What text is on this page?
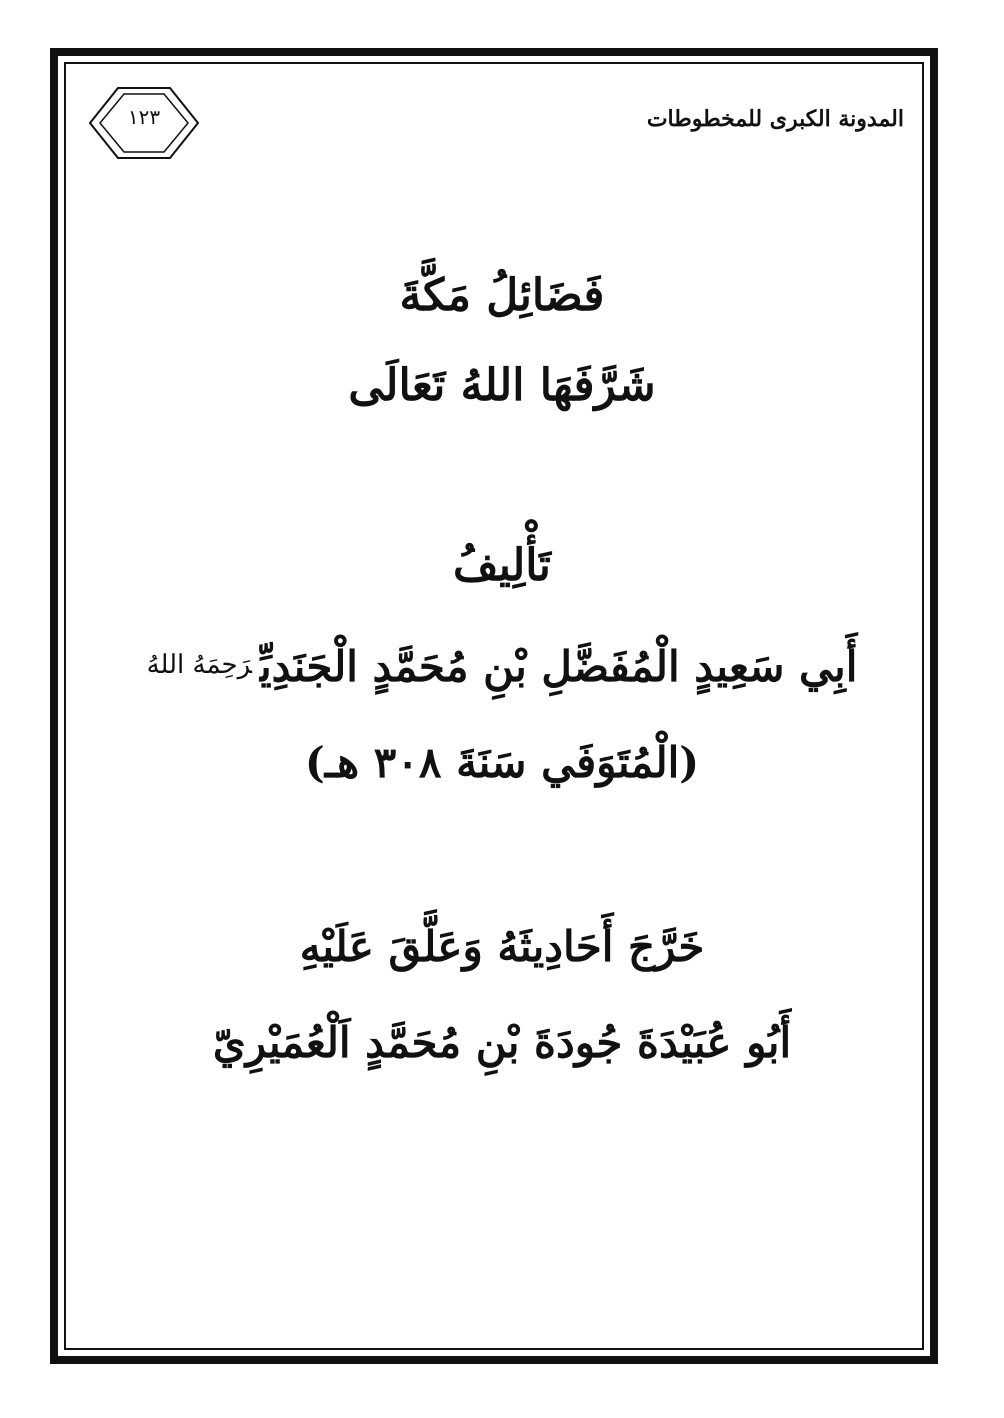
المدونة الكبرى للمخطوطات
١٢٣
فَضَائِلُ مَكَّةَ
شَرَّفَهَا اللهُ تَعَالَى
تَأْلِيفُ
أَبِي سَعِيدٍ الْمُفَضَّلِ بْنِ مُحَمَّدٍ الْجَنَدِيِّرَحِمَهُ اللهُ
(الْمُتَوَفَي سَنَةَ ٣٠٨ هـ)
خَرَّجَ أَحَادِيثَهُ وَعَلَّقَ عَلَيْهِ
أَبُو عُبَيْدَةَ جُودَةَ بْنِ مُحَمَّدٍ اَلْعُمَيْرِيّ
